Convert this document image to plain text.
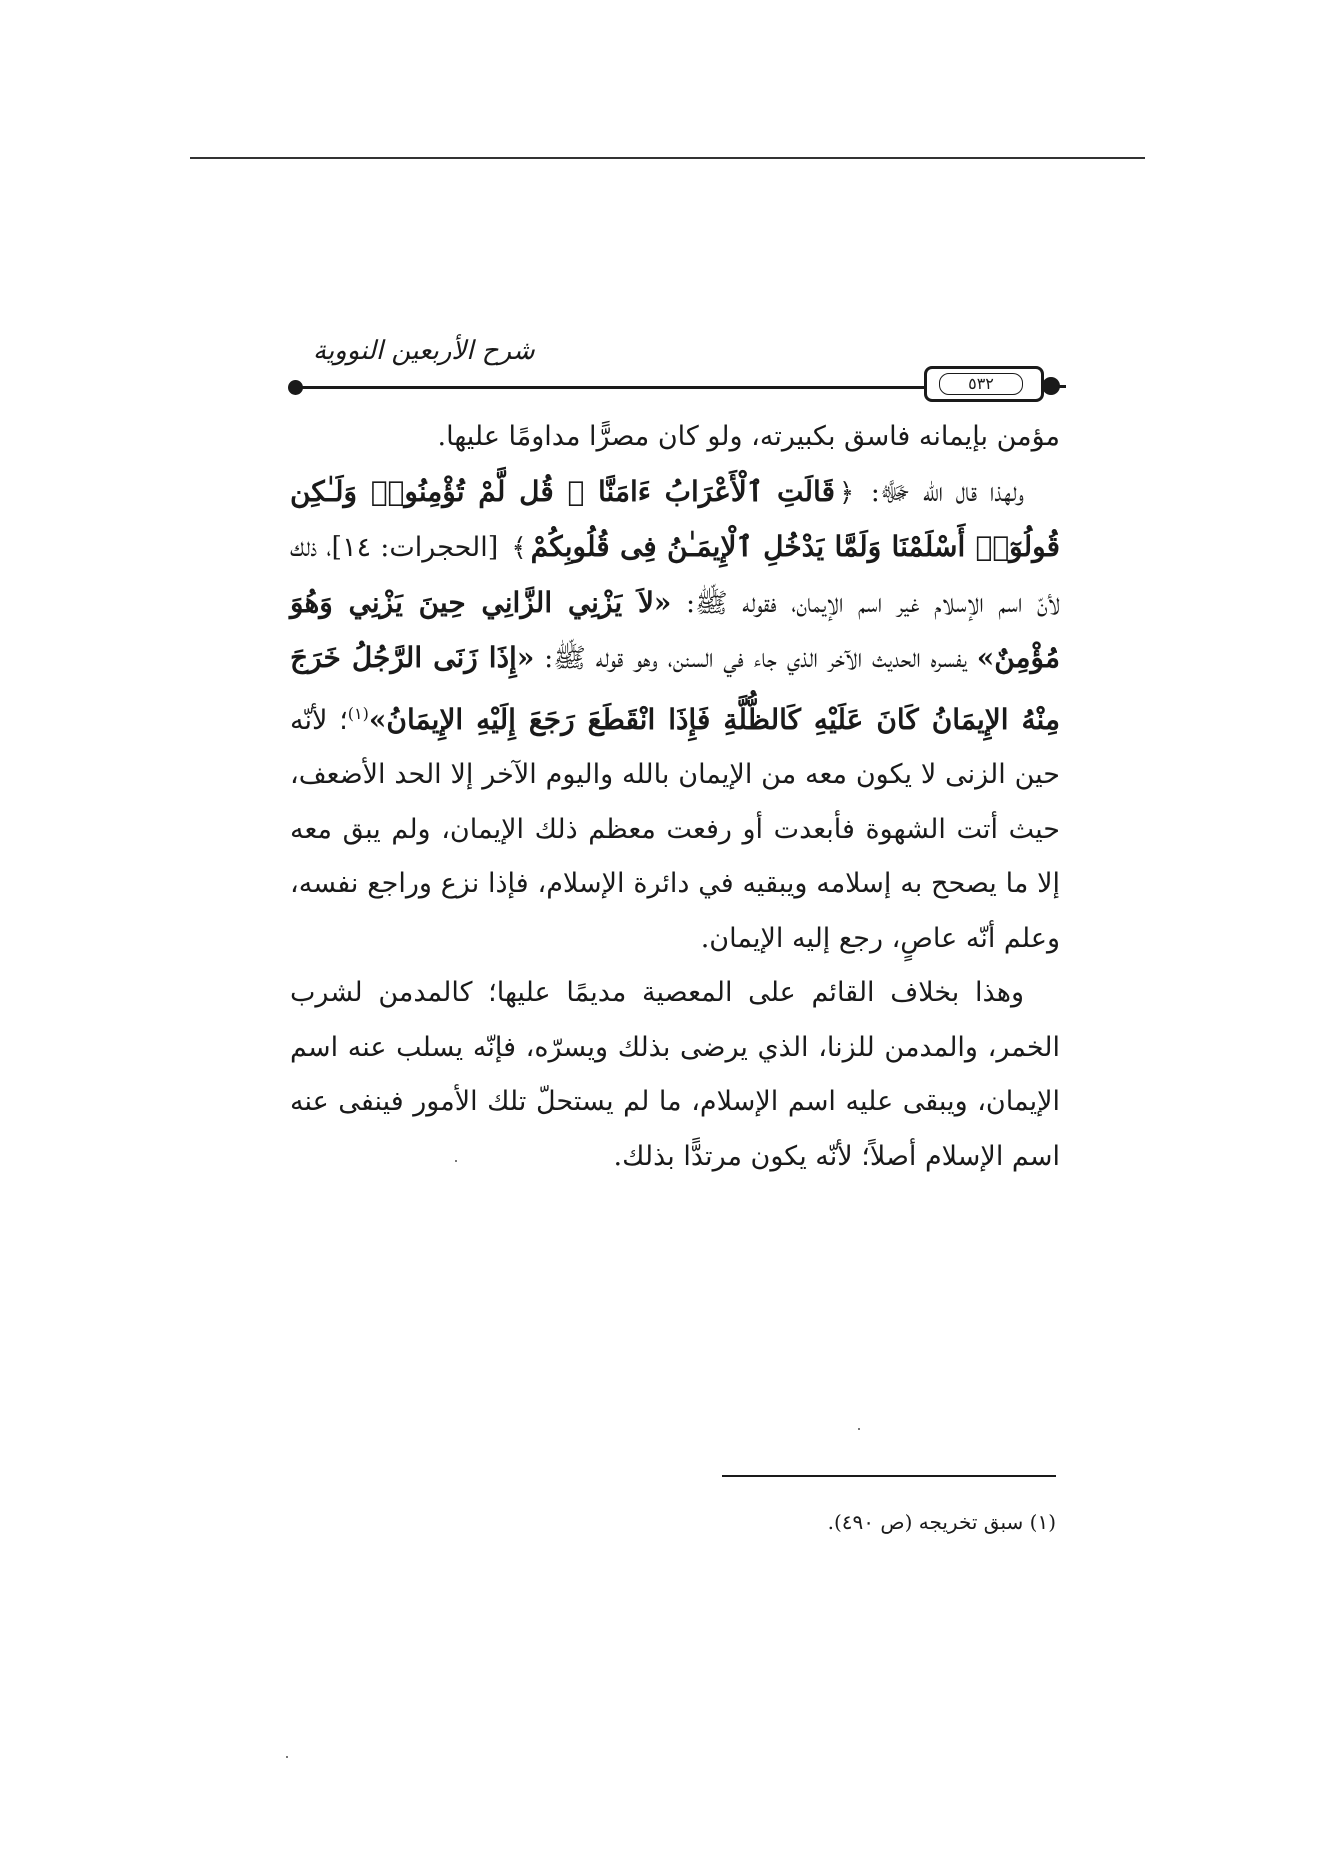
شرح الأربعين النووية
٥٣٢

مؤمن بإيمانه فاسق بكبيرته، ولو كان مصرًّا مداومًا عليها.

ولهذا قال الله ﷻ: ﴿قَالَتِ ٱلْأَعْرَابُ ءَامَنَّا ۖ قُل لَّمْ تُؤْمِنُوا۟ وَلَـٰكِن قُولُوٓا۟ أَسْلَمْنَا وَلَمَّا يَدْخُلِ ٱلْإِيمَـٰنُ فِى قُلُوبِكُمْ﴾ [الحجرات: ١٤]، ذلك لأنّ اسم الإسلام غير اسم الإيمان، فقوله ﷺ: «لاَ يَزْنِي الزَّانِي حِينَ يَزْنِي وَهُوَ مُؤْمِنٌ» يفسره الحديث الآخر الذي جاء في السنن، وهو قوله ﷺ: «إِذَا زَنَى الرَّجُلُ خَرَجَ مِنْهُ الإِيمَانُ كَانَ عَلَيْهِ كَالظُّلَّةِ فَإِذَا انْقَطَعَ رَجَعَ إِلَيْهِ الإِيمَانُ»$^{(١)}$؛ لأنّه حين الزنى لا يكون معه من الإيمان بالله واليوم الآخر إلا الحد الأضعف، حيث أتت الشهوة فأبعدت أو رفعت معظم ذلك الإيمان، ولم يبق معه إلا ما يصحح به إسلامه ويبقيه في دائرة الإسلام، فإذا نزع وراجع نفسه، وعلم أنّه عاصٍ، رجع إليه الإيمان.

وهذا بخلاف القائم على المعصية مديمًا عليها؛ كالمدمن لشرب الخمر، والمدمن للزنا، الذي يرضى بذلك ويسرّه، فإنّه يسلب عنه اسم الإيمان، ويبقى عليه اسم الإسلام، ما لم يستحلّ تلك الأمور فينفى عنه اسم الإسلام أصلاً؛ لأنّه يكون مرتدًّا بذلك.

(١) سبق تخريجه (ص ٤٩٠).
